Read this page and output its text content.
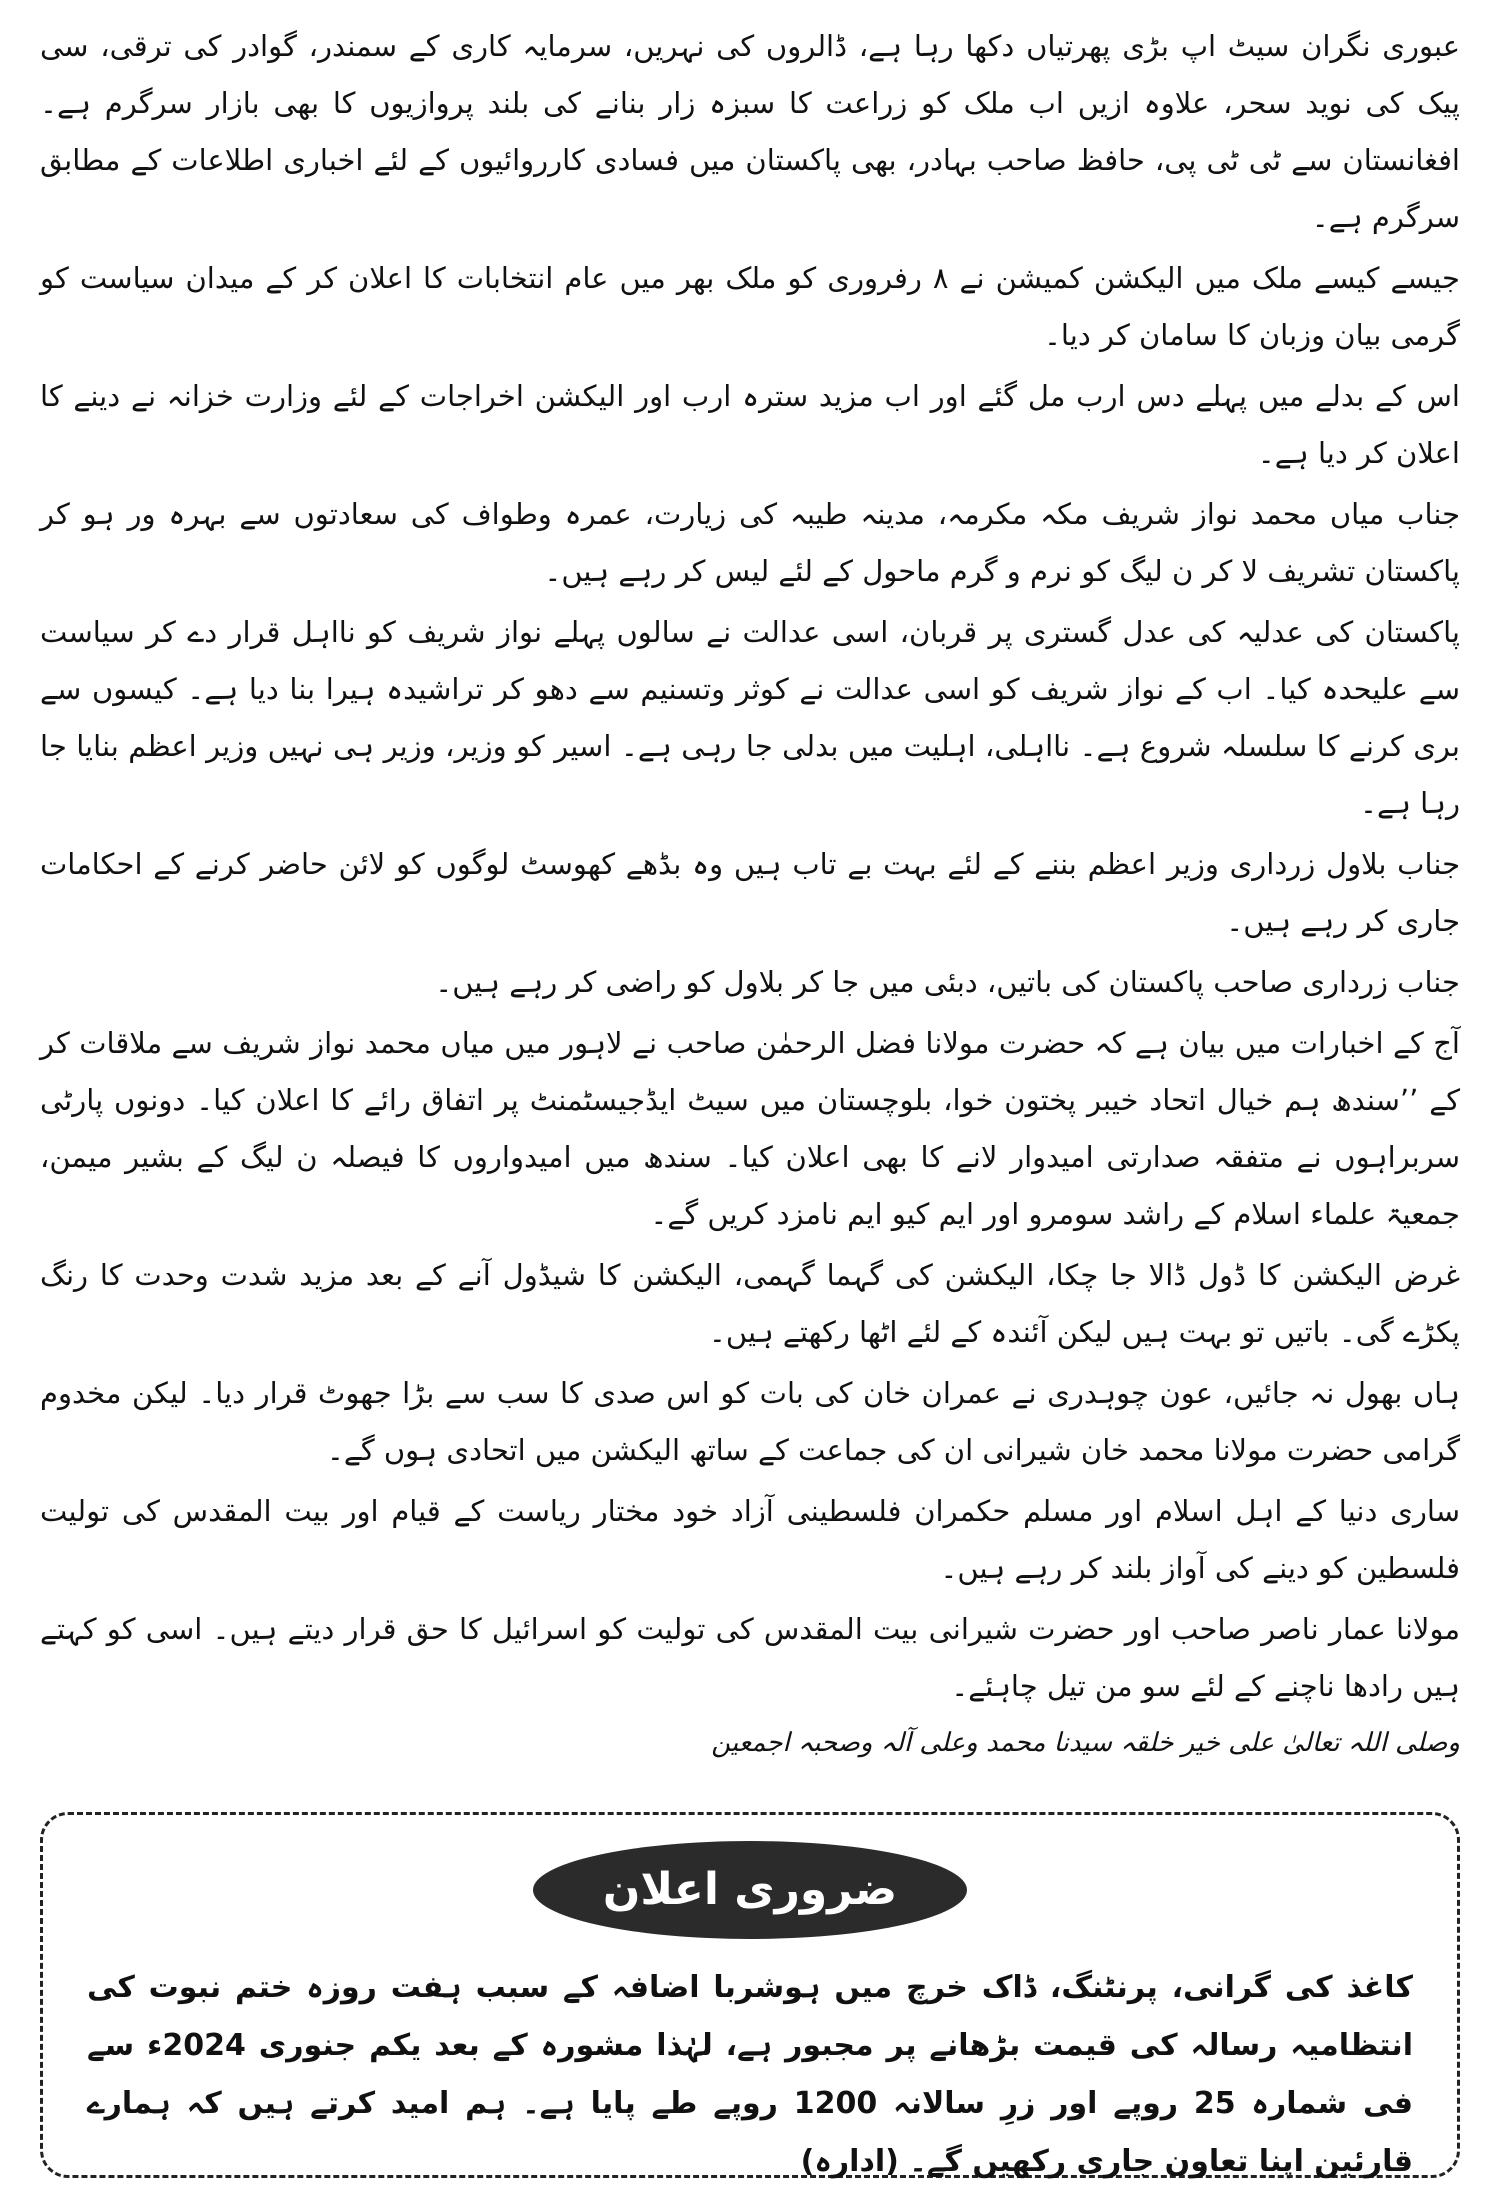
عبوری نگران سیٹ اپ بڑی پھرتیاں دکھا رہا ہے، ڈالروں کی نہریں، سرمایہ کاری کے سمندر، گوادر کی ترقی، سی پیک کی نوید سحر، علاوہ ازیں اب ملک کو زراعت کا سبزہ زار بنانے کی بلند پروازیوں کا بھی بازار سرگرم ہے۔ افغانستان سے ٹی ٹی پی، حافظ صاحب بہادر، بھی پاکستان میں فسادی کارروائیوں کے لئے اخباری اطلاعات کے مطابق سرگرم ہے۔

جیسے کیسے ملک میں الیکشن کمیشن نے ۸ رفروری کو ملک بھر میں عام انتخابات کا اعلان کر کے میدان سیاست کو گرمی بیان وزبان کا سامان کر دیا۔

اس کے بدلے میں پہلے دس ارب مل گئے اور اب مزید سترہ ارب اور الیکشن اخراجات کے لئے وزارت خزانہ نے دینے کا اعلان کر دیا ہے۔

جناب میاں محمد نواز شریف مکہ مکرمہ، مدینہ طیبہ کی زیارت، عمرہ وطواف کی سعادتوں سے بہرہ ور ہو کر پاکستان تشریف لا کر ن لیگ کو نرم و گرم ماحول کے لئے لیس کر رہے ہیں۔

پاکستان کی عدلیہ کی عدل گستری پر قربان، اسی عدالت نے سالوں پہلے نواز شریف کو نااہل قرار دے کر سیاست سے علیحدہ کیا۔ اب کے نواز شریف کو اسی عدالت نے کوثر وتسنیم سے دھو کر تراشیدہ ہیرا بنا دیا ہے۔ کیسوں سے بری کرنے کا سلسلہ شروع ہے۔ نااہلی، اہلیت میں بدلی جا رہی ہے۔ اسیر کو وزیر، وزیر ہی نہیں وزیر اعظم بنایا جا رہا ہے۔

جناب بلاول زرداری وزیر اعظم بننے کے لئے بہت بے تاب ہیں وہ بڈھے کھوسٹ لوگوں کو لائن حاضر کرنے کے احکامات جاری کر رہے ہیں۔

جناب زرداری صاحب پاکستان کی باتیں، دبئی میں جا کر بلاول کو راضی کر رہے ہیں۔

آج کے اخبارات میں بیان ہے کہ حضرت مولانا فضل الرحمٰن صاحب نے لاہور میں میاں محمد نواز شریف سے ملاقات کر کے ’’سندھ ہم خیال اتحاد خیبر پختون خوا، بلوچستان میں سیٹ ایڈجیسٹمنٹ پر اتفاق رائے کا اعلان کیا۔ دونوں پارٹی سربراہوں نے متفقہ صدارتی امیدوار لانے کا بھی اعلان کیا۔ سندھ میں امیدواروں کا فیصلہ ن لیگ کے بشیر میمن، جمعیۃ علماء اسلام کے راشد سومرو اور ایم کیو ایم نامزد کریں گے۔

غرض الیکشن کا ڈول ڈالا جا چکا، الیکشن کی گہما گہمی، الیکشن کا شیڈول آنے کے بعد مزید شدت وحدت کا رنگ پکڑے گی۔ باتیں تو بہت ہیں لیکن آئندہ کے لئے اٹھا رکھتے ہیں۔

ہاں بھول نہ جائیں، عون چوہدری نے عمران خان کی بات کو اس صدی کا سب سے بڑا جھوٹ قرار دیا۔ لیکن مخدوم گرامی حضرت مولانا محمد خان شیرانی ان کی جماعت کے ساتھ الیکشن میں اتحادی ہوں گے۔

ساری دنیا کے اہل اسلام اور مسلم حکمران فلسطینی آزاد خود مختار ریاست کے قیام اور بیت المقدس کی تولیت فلسطین کو دینے کی آواز بلند کر رہے ہیں۔

مولانا عمار ناصر صاحب اور حضرت شیرانی بیت المقدس کی تولیت کو اسرائیل کا حق قرار دیتے ہیں۔ اسی کو کہتے ہیں رادھا ناچنے کے لئے سو من تیل چاہئے۔

وصلی اللہ تعالیٰ علی خیر خلقہ سیدنا محمد وعلی آلہ وصحبہ اجمعین
ضروری اعلان

کاغذ کی گرانی، پرنٹنگ، ڈاک خرچ میں ہوشربا اضافہ کے سبب ہفت روزہ ختم نبوت کی انتظامیہ رسالہ کی قیمت بڑھانے پر مجبور ہے، لہٰذا مشورہ کے بعد یکم جنوری 2024ء سے فی شمارہ 25 روپے اور زرِ سالانہ 1200 روپے طے پایا ہے۔ ہم امید کرتے ہیں کہ ہمارے قارئین اپنا تعاون جاری رکھیں گے۔ (ادارہ)
